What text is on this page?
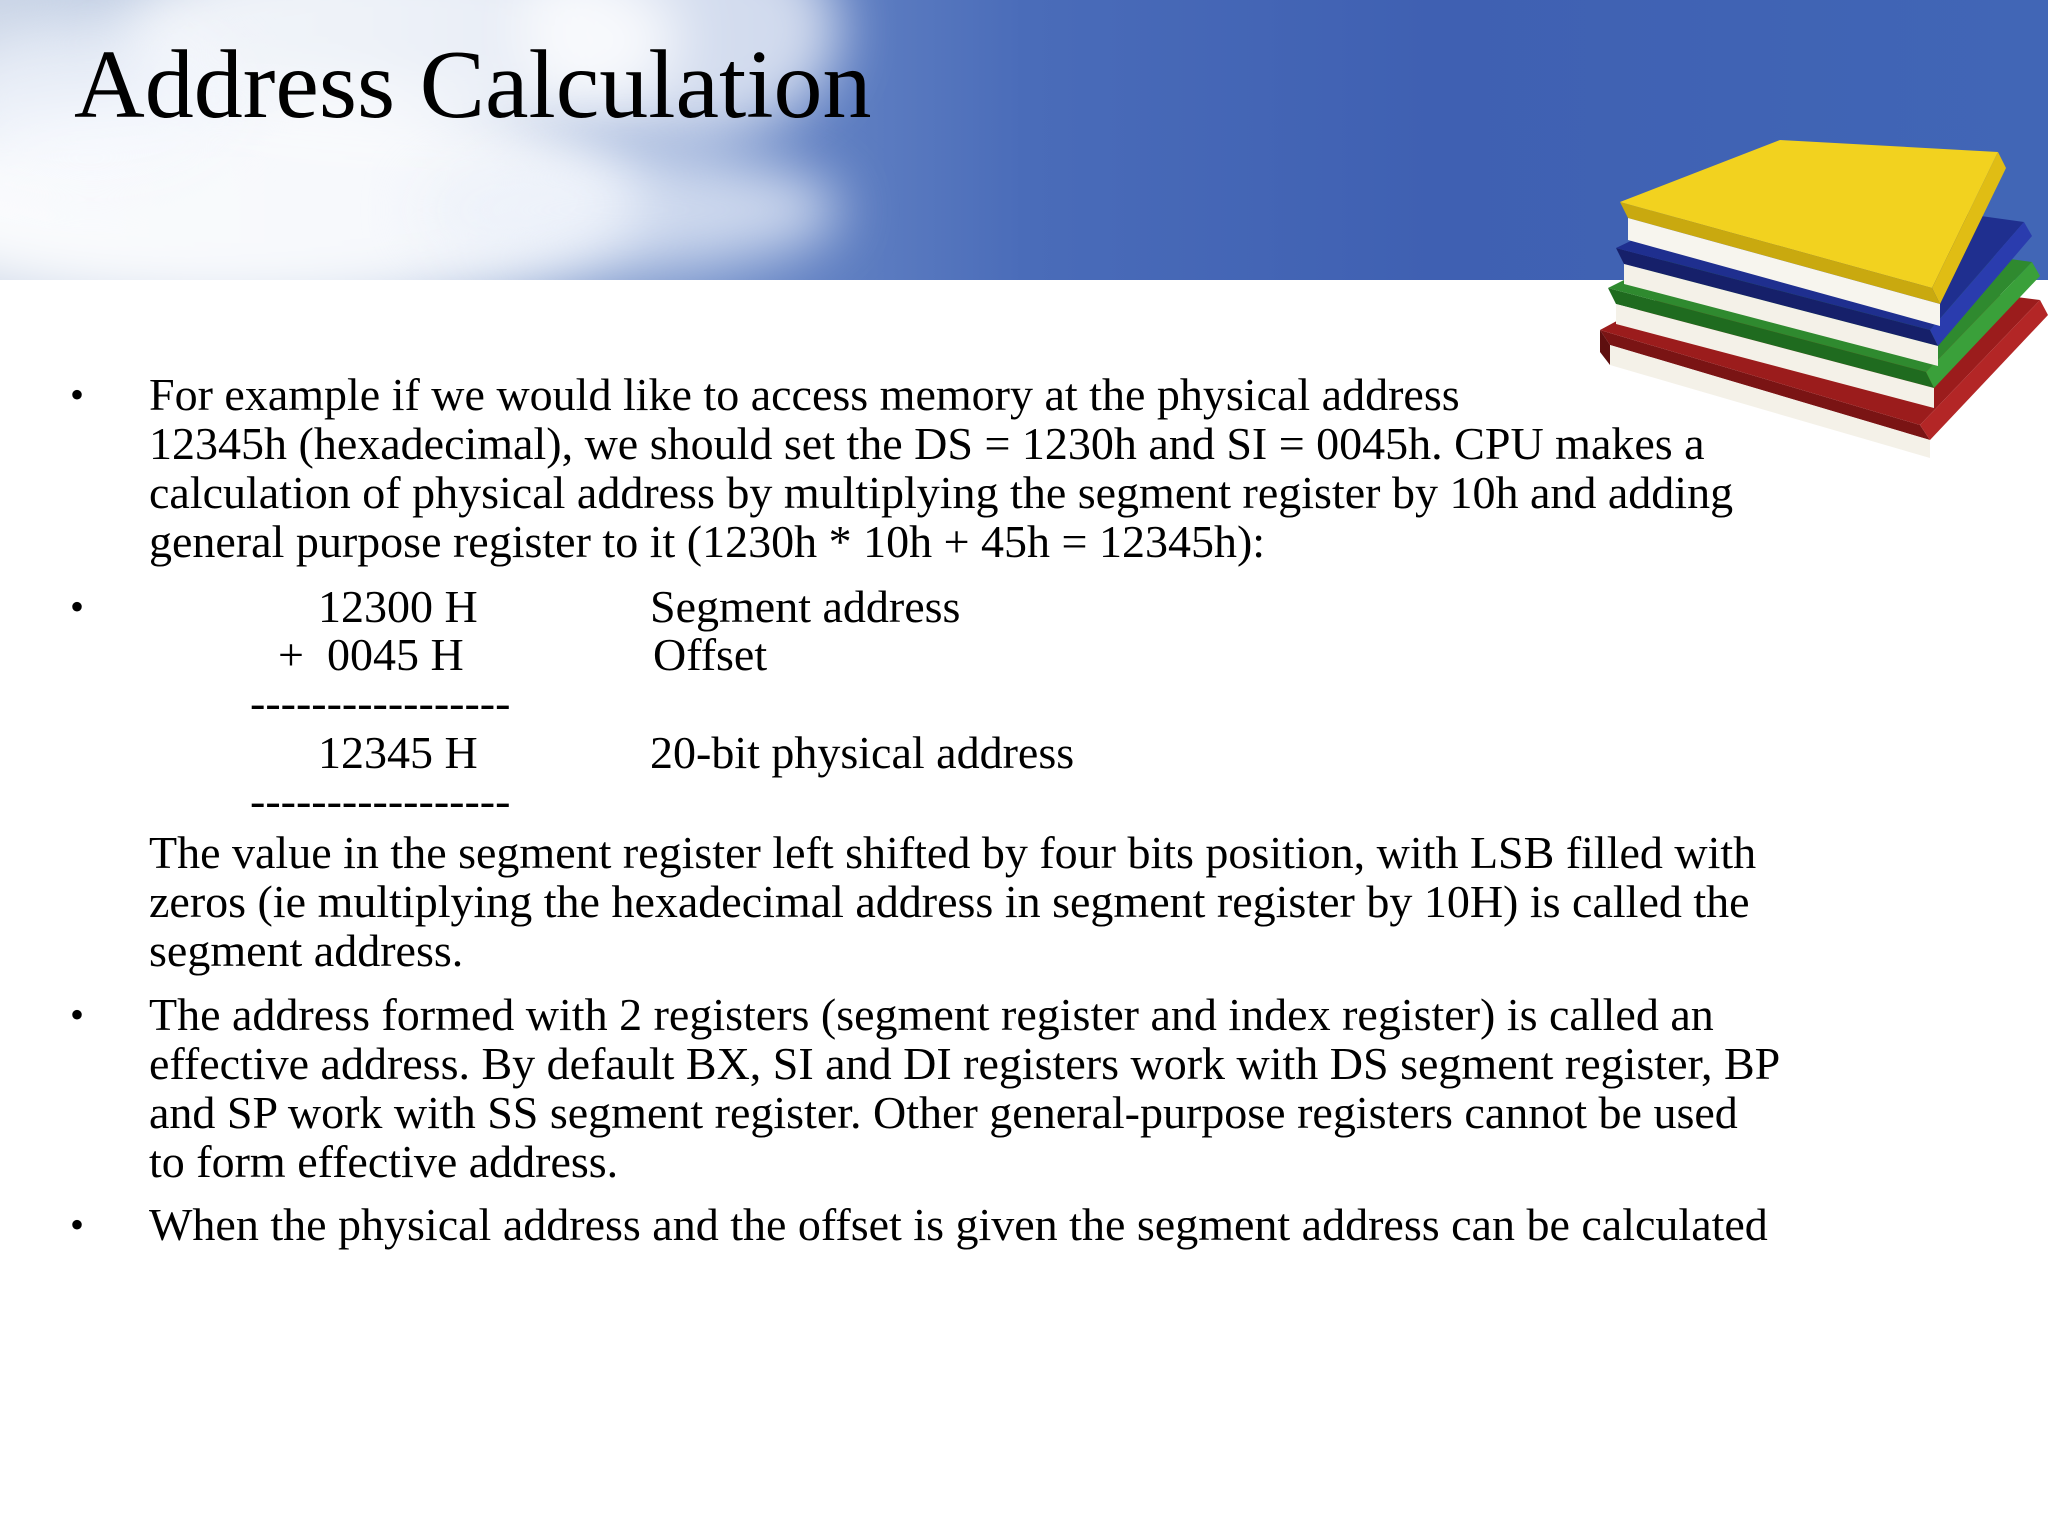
Address Calculation
• For example if we would like to access memory at the physical address
12345h (hexadecimal), we should set the DS = 1230h and SI = 0045h. CPU makes a
calculation of physical address by multiplying the segment register by 10h and adding
general purpose register to it (1230h * 10h + 45h = 12345h):
•	12300 H	Segment address
+  0045 H	Offset
-----------------
12345 H	20-bit physical address
-----------------
The value in the segment register left shifted by four bits position, with LSB filled with
zeros (ie multiplying the hexadecimal address in segment register by 10H) is called the
segment address.
• The address formed with 2 registers (segment register and index register) is called an
effective address. By default BX, SI and DI registers work with DS segment register, BP
and SP work with SS segment register. Other general-purpose registers cannot be used
to form effective address.
• When the physical address and the offset is given the segment address can be calculated
